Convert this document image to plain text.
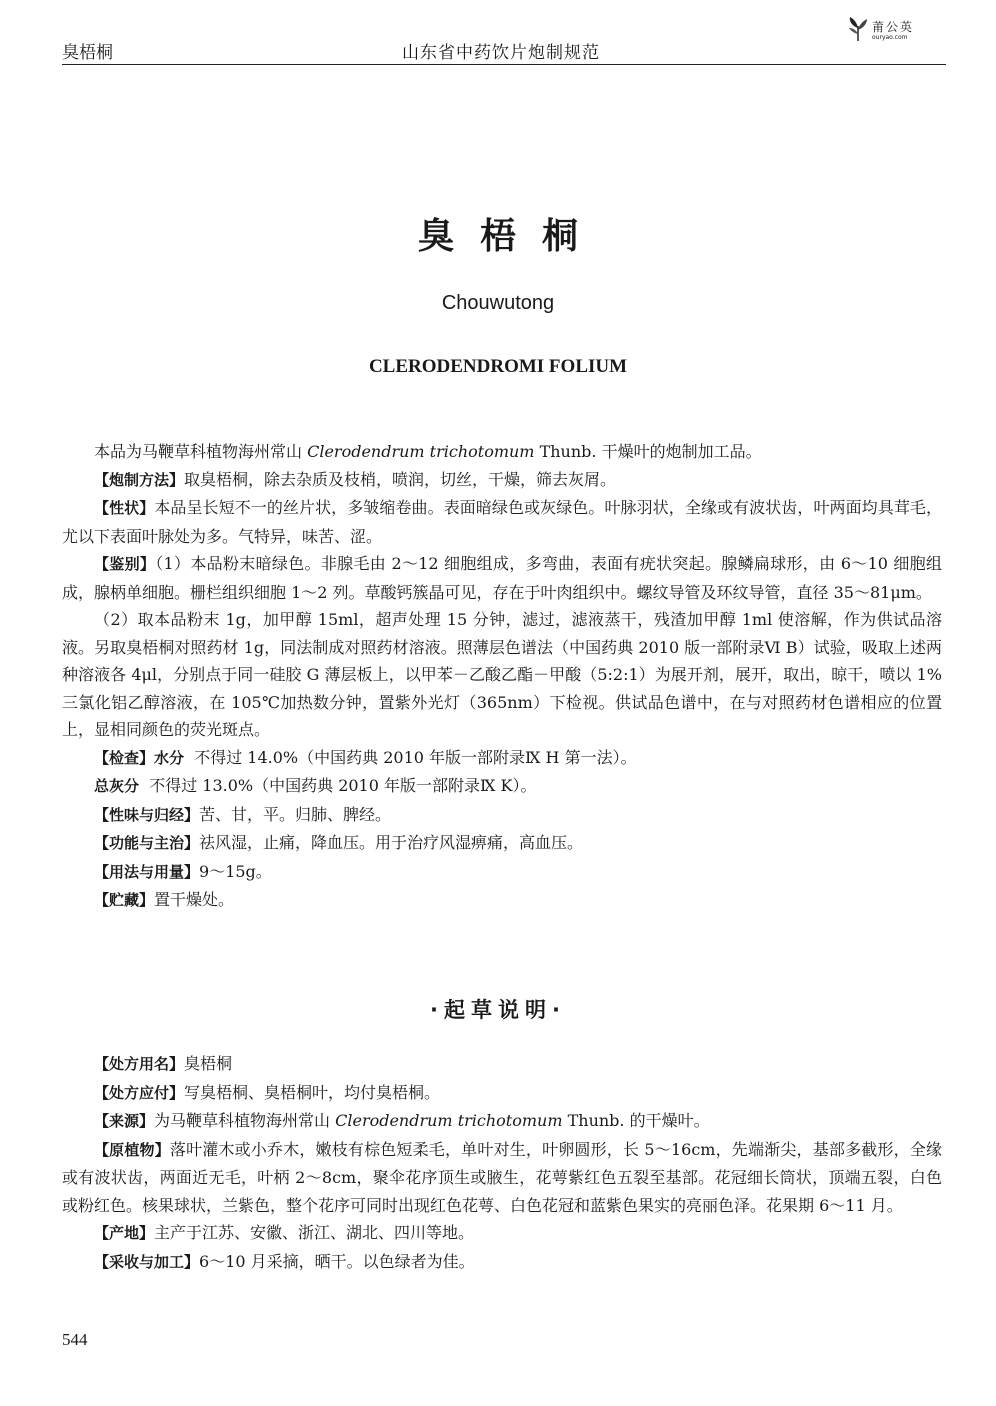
臭梧桐	山东省中药饮片炮制规范
莆公英
ouryao.com
臭梧桐
Chouwutong
CLERODENDROMI FOLIUM

本品为马鞭草科植物海州常山 Clerodendrum trichotomum Thunb. 干燥叶的炮制加工品。

【炮制方法】取臭梧桐，除去杂质及枝梢，喷润，切丝，干燥，筛去灰屑。

【性状】本品呈长短不一的丝片状，多皱缩卷曲。表面暗绿色或灰绿色。叶脉羽状，全缘或有波状齿，叶两面均具茸毛，尤以下表面叶脉处为多。气特异，味苦、涩。

【鉴别】（1）本品粉末暗绿色。非腺毛由 2～12 细胞组成，多弯曲，表面有疣状突起。腺鳞扁球形，由 6～10 细胞组成，腺柄单细胞。栅栏组织细胞 1～2 列。草酸钙簇晶可见，存在于叶肉组织中。螺纹导管及环纹导管，直径 35～81μm。

（2）取本品粉末 1g，加甲醇 15ml，超声处理 15 分钟，滤过，滤液蒸干，残渣加甲醇 1ml 使溶解，作为供试品溶液。另取臭梧桐对照药材 1g，同法制成对照药材溶液。照薄层色谱法（中国药典 2010 版一部附录Ⅵ B）试验，吸取上述两种溶液各 4μl，分别点于同一硅胶 G 薄层板上，以甲苯－乙酸乙酯－甲酸（5:2:1）为展开剂，展开，取出，晾干，喷以 1% 三氯化铝乙醇溶液，在 105℃加热数分钟，置紫外光灯（365nm）下检视。供试品色谱中，在与对照药材色谱相应的位置上，显相同颜色的荧光斑点。

【检查】水分 不得过 14.0%（中国药典 2010 年版一部附录Ⅸ H 第一法）。

总灰分 不得过 13.0%（中国药典 2010 年版一部附录Ⅸ K）。

【性味与归经】苦、甘，平。归肺、脾经。

【功能与主治】祛风湿，止痛，降血压。用于治疗风湿痹痛，高血压。

【用法与用量】9～15g。

【贮藏】置干燥处。

·起草说明·

【处方用名】臭梧桐

【处方应付】写臭梧桐、臭梧桐叶，均付臭梧桐。

【来源】为马鞭草科植物海州常山 Clerodendrum trichotomum Thunb. 的干燥叶。

【原植物】落叶灌木或小乔木，嫩枝有棕色短柔毛，单叶对生，叶卵圆形，长 5～16cm，先端渐尖，基部多截形，全缘或有波状齿，两面近无毛，叶柄 2～8cm，聚伞花序顶生或腋生，花萼紫红色五裂至基部。花冠细长筒状，顶端五裂，白色或粉红色。核果球状，兰紫色，整个花序可同时出现红色花萼、白色花冠和蓝紫色果实的亮丽色泽。花果期 6～11 月。

【产地】主产于江苏、安徽、浙江、湖北、四川等地。

【采收与加工】6～10 月采摘，晒干。以色绿者为佳。

544
